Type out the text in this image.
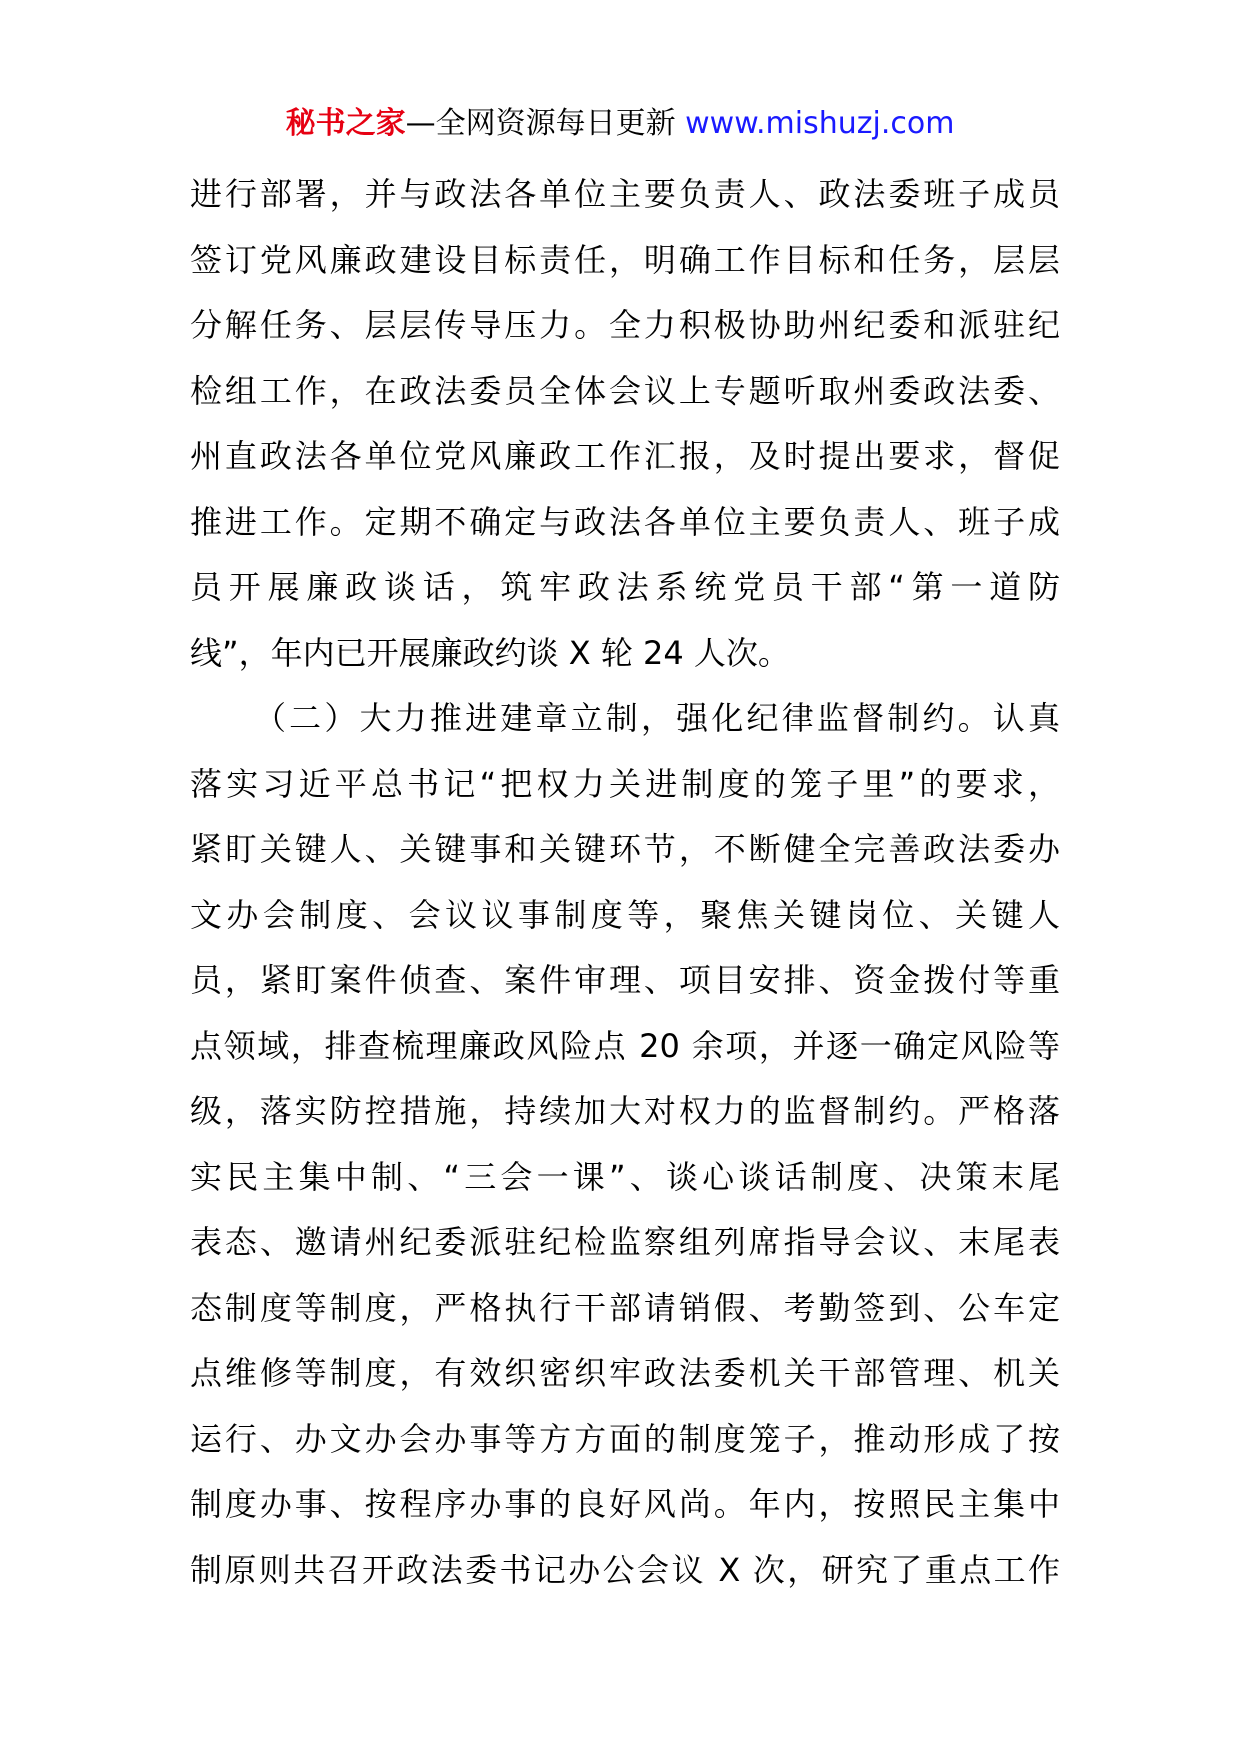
秘书之家—全网资源每日更新 www.mishuzj.com
进行部署，并与政法各单位主要负责人、政法委班子成员
签订党风廉政建设目标责任，明确工作目标和任务，层层
分解任务、层层传导压力。全力积极协助州纪委和派驻纪
检组工作，在政法委员全体会议上专题听取州委政法委、
州直政法各单位党风廉政工作汇报，及时提出要求，督促
推进工作。定期不确定与政法各单位主要负责人、班子成
员开展廉政谈话，筑牢政法系统党员干部“第一道防
线”，年内已开展廉政约谈 X 轮 24 人次。
（二）大力推进建章立制，强化纪律监督制约。认真
落实习近平总书记“把权力关进制度的笼子里”的要求，
紧盯关键人、关键事和关键环节，不断健全完善政法委办
文办会制度、会议议事制度等，聚焦关键岗位、关键人
员，紧盯案件侦查、案件审理、项目安排、资金拨付等重
点领域，排查梳理廉政风险点 20 余项，并逐一确定风险等
级，落实防控措施，持续加大对权力的监督制约。严格落
实民主集中制、“三会一课”、谈心谈话制度、决策末尾
表态、邀请州纪委派驻纪检监察组列席指导会议、末尾表
态制度等制度，严格执行干部请销假、考勤签到、公车定
点维修等制度，有效织密织牢政法委机关干部管理、机关
运行、办文办会办事等方方面的制度笼子，推动形成了按
制度办事、按程序办事的良好风尚。年内，按照民主集中
制原则共召开政法委书记办公会议 X 次，研究了重点工作
